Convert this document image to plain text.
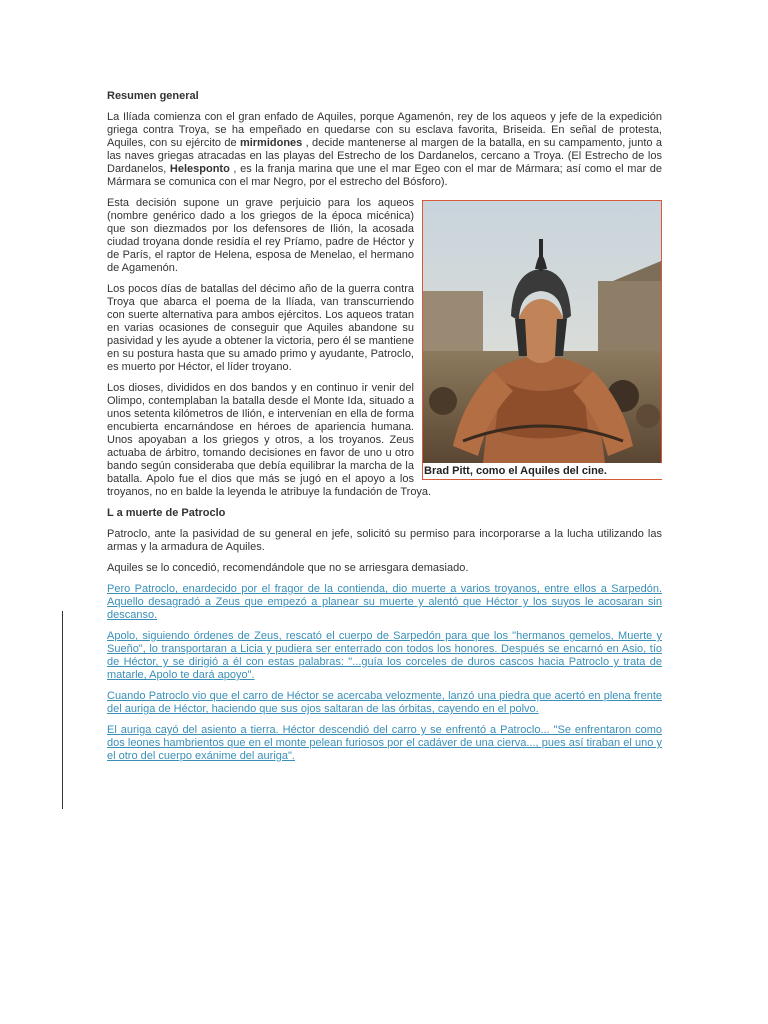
Resumen general

La Ilíada comienza con el gran enfado de Aquiles, porque Agamenón, rey de los aqueos y jefe de la expedición griega contra Troya, se ha empeñado en quedarse con su esclava favorita, Briseida. En señal de protesta, Aquiles, con su ejército de mirmidones , decide mantenerse al margen de la batalla, en su campamento, junto a las naves griegas atracadas en las playas del Estrecho de los Dardanelos, cercano a Troya. (El Estrecho de los Dardanelos, Helesponto , es la franja marina que une el mar Egeo con el mar de Mármara; así como el mar de Mármara se comunica con el mar Negro, por el estrecho del Bósforo).

Brad Pitt, como el Aquiles del cine.

Esta decisión supone un grave perjuicio para los aqueos (nombre genérico dado a los griegos de la época micénica) que son diezmados por los defensores de Ilión, la acosada ciudad troyana donde residía el rey Príamo, padre de Héctor y de París, el raptor de Helena, esposa de Menelao, el hermano de Agamenón.

Los pocos días de batallas del décimo año de la guerra contra Troya que abarca el poema de la Ilíada, van transcurriendo con suerte alternativa para ambos ejércitos. Los aqueos tratan en varias ocasiones de conseguir que Aquiles abandone su pasividad y les ayude a obtener la victoria, pero él se mantiene en su postura hasta que su amado primo y ayudante, Patroclo, es muerto por Héctor, el líder troyano.

Los dioses, divididos en dos bandos y en continuo ir venir del Olimpo, contemplaban la batalla desde el Monte Ida, situado a unos setenta kilómetros de Ilión, e intervenían en ella de forma encubierta encarnándose en héroes de apariencia humana. Unos apoyaban a los griegos y otros, a los troyanos. Zeus actuaba de árbitro, tomando decisiones en favor de uno u otro bando según consideraba que debía equilibrar la marcha de la batalla. Apolo fue el dios que más se jugó en el apoyo a los troyanos, no en balde la leyenda le atribuye la fundación de Troya.

L a muerte de Patroclo

Patroclo, ante la pasividad de su general en jefe, solicitó su permiso para incorporarse a la lucha utilizando las armas y la armadura de Aquiles.

Aquiles se lo concedió, recomendándole que no se arriesgara demasiado.

Pero Patroclo, enardecido por el fragor de la contienda, dio muerte a varios troyanos, entre ellos a Sarpedón. Aquello desagradó a Zeus que empezó a planear su muerte y alentó que Héctor y los suyos le acosaran sin descanso.

Apolo, siguiendo órdenes de Zeus, rescató el cuerpo de Sarpedón para que los "hermanos gemelos, Muerte y Sueño", lo transportaran a Licia y pudiera ser enterrado con todos los honores. Después se encarnó en Asio, tío de Héctor, y se dirigió a él con estas palabras: "...guía los corceles de duros cascos hacia Patroclo y trata de matarle, Apolo te dará apoyo".

Cuando Patroclo vio que el carro de Héctor se acercaba velozmente, lanzó una piedra que acertó en plena frente del auriga de Héctor, haciendo que sus ojos saltaran de las órbitas, cayendo en el polvo.

El auriga cayó del asiento a tierra. Héctor descendió del carro y se enfrentó a Patroclo... "Se enfrentaron como dos leones hambrientos que en el monte pelean furiosos por el cadáver de una cierva..., pues así tiraban el uno y el otro del cuerpo exánime del auriga".
